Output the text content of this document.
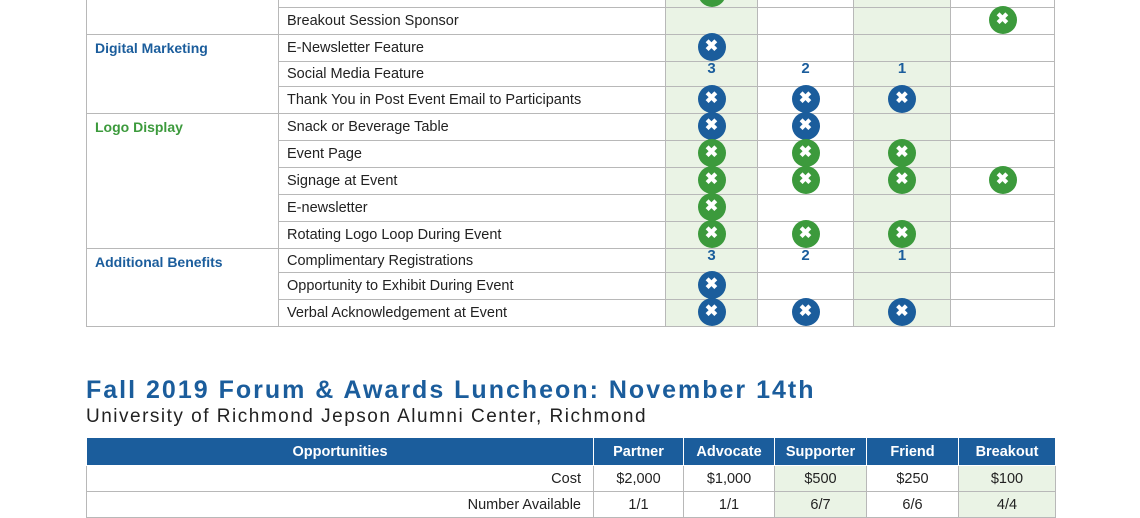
	Breakout Session Sponsor				✖
Digital Marketing	E-Newsletter Feature	✖			
	Social Media Feature	3	2	1	
	Thank You in Post Event Email to Participants	✖	✖	✖	
Logo Display	Snack or Beverage Table	✖	✖		
	Event Page	✖	✖	✖	
	Signage at Event	✖	✖	✖	✖
	E-newsletter	✖			
	Rotating Logo Loop During Event	✖	✖	✖	
Additional Benefits	Complimentary Registrations	3	2	1	
	Opportunity to Exhibit During Event	✖			
	Verbal Acknowledgement at Event	✖	✖	✖	
Fall 2019 Forum & Awards Luncheon: November 14th

University of Richmond Jepson Alumni Center, Richmond

Opportunities	Partner	Advocate	Supporter	Friend	Breakout
Cost	$2,000	$1,000	$500	$250	$100
Number Available	1/1	1/1	6/7	6/6	4/4
